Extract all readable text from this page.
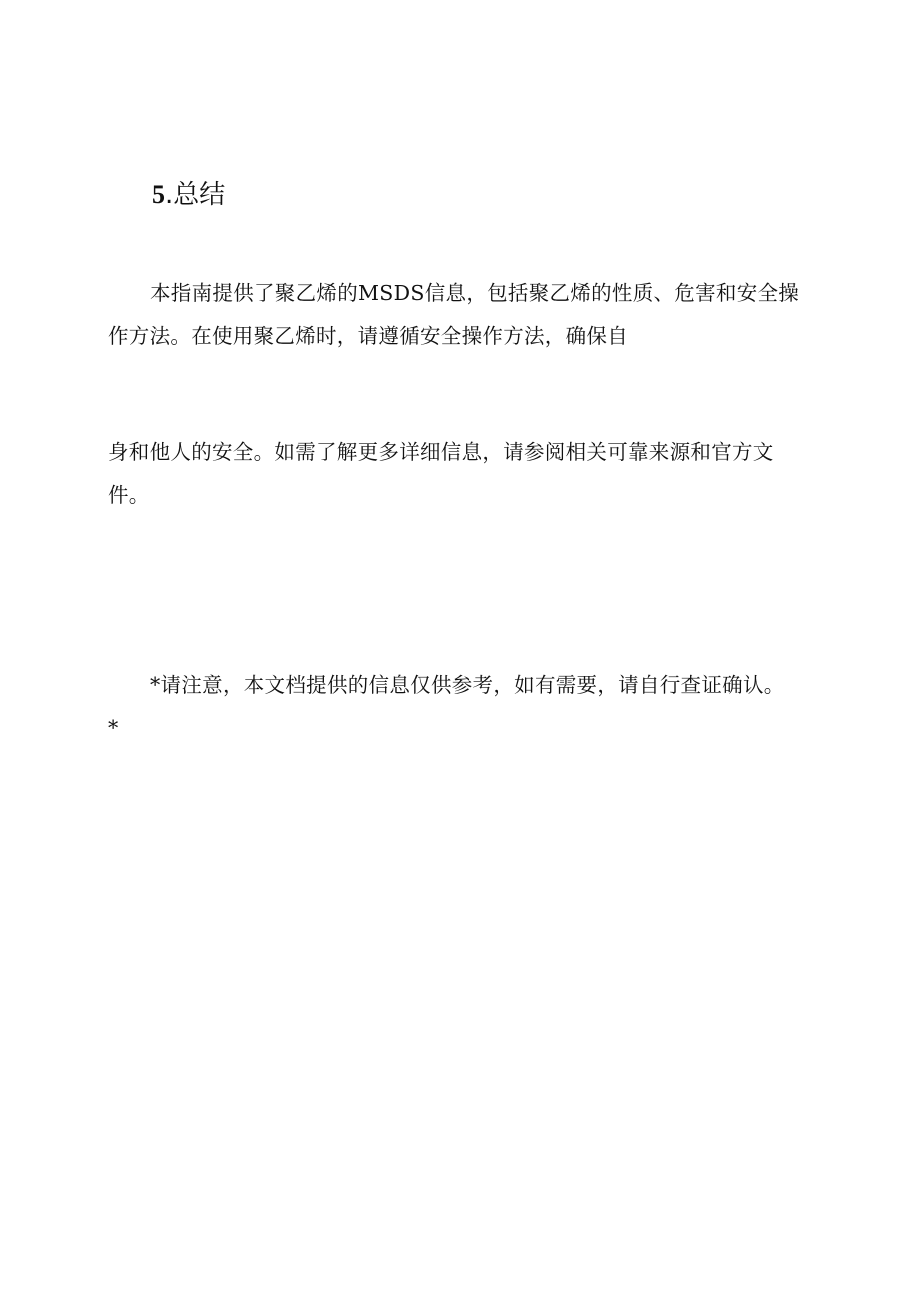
5.总结
本指南提供了聚乙烯的MSDS信息，包括聚乙烯的性质、危害和安全操
作方法。在使用聚乙烯时，请遵循安全操作方法，确保自
身和他人的安全。如需了解更多详细信息，请参阅相关可靠来源和官方文
件。
*请注意，本文档提供的信息仅供参考，如有需要，请自行查证确认。
*
